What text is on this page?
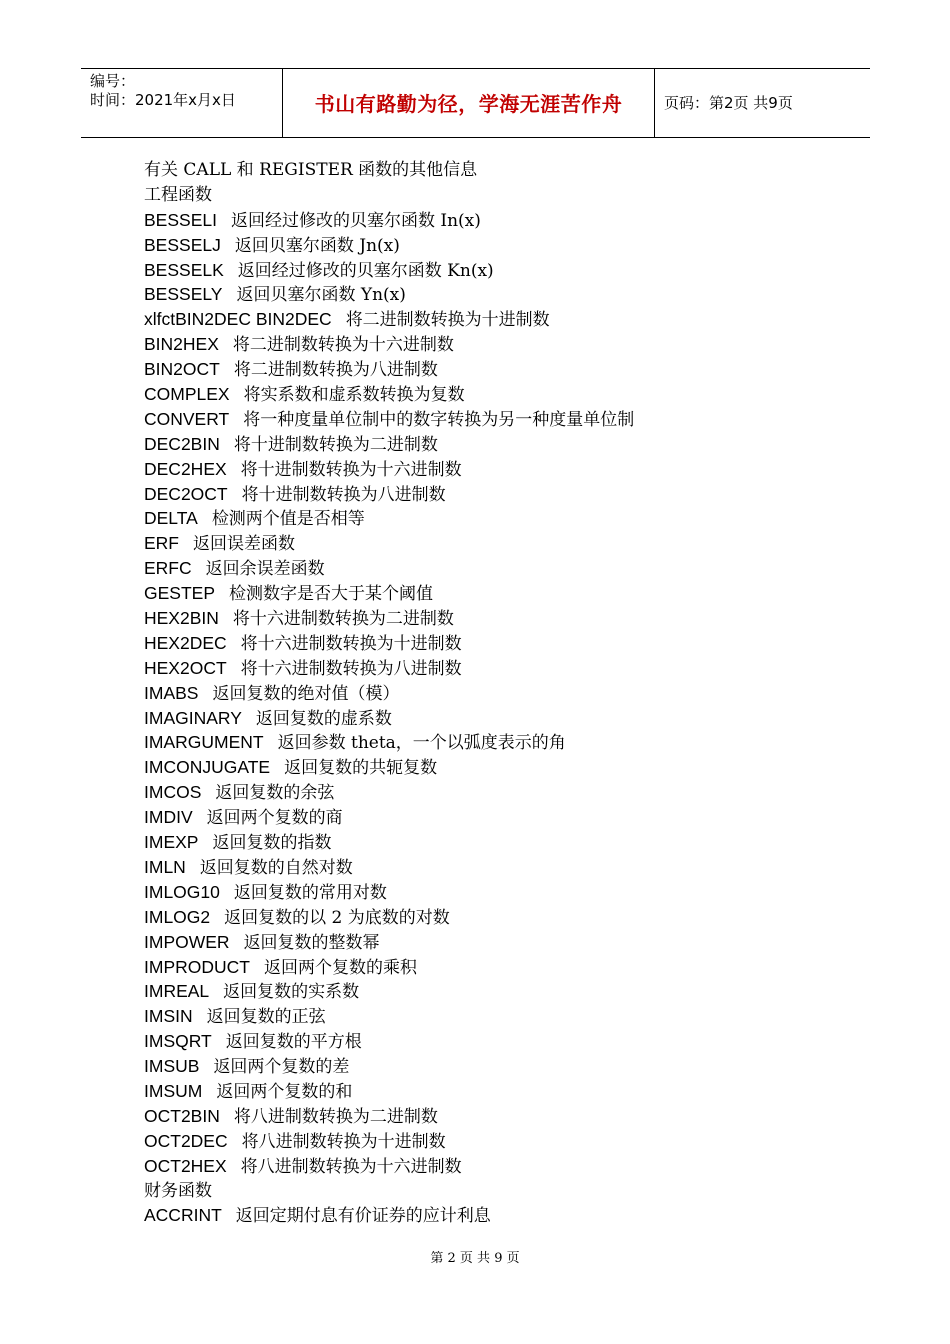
编号：
时间：2021年x月x日	书山有路勤为径，学海无涯苦作舟	页码：第2页 共9页
有关 CALL 和 REGISTER 函数的其他信息
工程函数
BESSELI 返回经过修改的贝塞尔函数 In(x)
BESSELJ 返回贝塞尔函数 Jn(x)
BESSELK 返回经过修改的贝塞尔函数 Kn(x)
BESSELY 返回贝塞尔函数 Yn(x)
xlfctBIN2DEC BIN2DEC 将二进制数转换为十进制数
BIN2HEX 将二进制数转换为十六进制数
BIN2OCT 将二进制数转换为八进制数
COMPLEX 将实系数和虚系数转换为复数
CONVERT 将一种度量单位制中的数字转换为另一种度量单位制
DEC2BIN 将十进制数转换为二进制数
DEC2HEX 将十进制数转换为十六进制数
DEC2OCT 将十进制数转换为八进制数
DELTA 检测两个值是否相等
ERF 返回误差函数
ERFC 返回余误差函数
GESTEP 检测数字是否大于某个阈值
HEX2BIN 将十六进制数转换为二进制数
HEX2DEC 将十六进制数转换为十进制数
HEX2OCT 将十六进制数转换为八进制数
IMABS 返回复数的绝对值（模）
IMAGINARY 返回复数的虚系数
IMARGUMENT 返回参数 theta，一个以弧度表示的角
IMCONJUGATE 返回复数的共轭复数
IMCOS 返回复数的余弦
IMDIV 返回两个复数的商
IMEXP 返回复数的指数
IMLN 返回复数的自然对数
IMLOG10 返回复数的常用对数
IMLOG2 返回复数的以 2 为底数的对数
IMPOWER 返回复数的整数幂
IMPRODUCT 返回两个复数的乘积
IMREAL 返回复数的实系数
IMSIN 返回复数的正弦
IMSQRT 返回复数的平方根
IMSUB 返回两个复数的差
IMSUM 返回两个复数的和
OCT2BIN 将八进制数转换为二进制数
OCT2DEC 将八进制数转换为十进制数
OCT2HEX 将八进制数转换为十六进制数
财务函数
ACCRINT 返回定期付息有价证券的应计利息
第 2 页 共 9 页
